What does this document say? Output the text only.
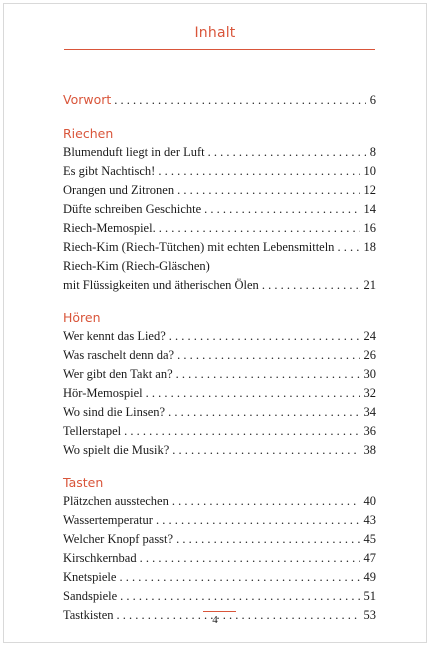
Inhalt
Vorwort . . .	6
Riechen
Blumenduft liegt in der Luft . . .	8
Es gibt Nachtisch! . . .	10
Orangen und Zitronen . . .	12
Düfte schreiben Geschichte . . .	14
Riech-Memospiel. . . .	16
Riech-Kim (Riech-Tütchen) mit echten Lebensmitteln . . .	18
Riech-Kim (Riech-Gläschen)
mit Flüssigkeiten und ätherischen Ölen . . .	21
Hören
Wer kennt das Lied? . . .	24
Was raschelt denn da? . . .	26
Wer gibt den Takt an? . . .	30
Hör-Memospiel . . .	32
Wo sind die Linsen? . . .	34
Tellerstapel . . .	36
Wo spielt die Musik? . . .	38
Tasten
Plätzchen ausstechen . . .	40
Wassertemperatur . . .	43
Welcher Knopf passt? . . .	45
Kirschkernbad . . .	47
Knetspiele . . .	49
Sandspiele . . .	51
Tastkisten . . .	53
4
